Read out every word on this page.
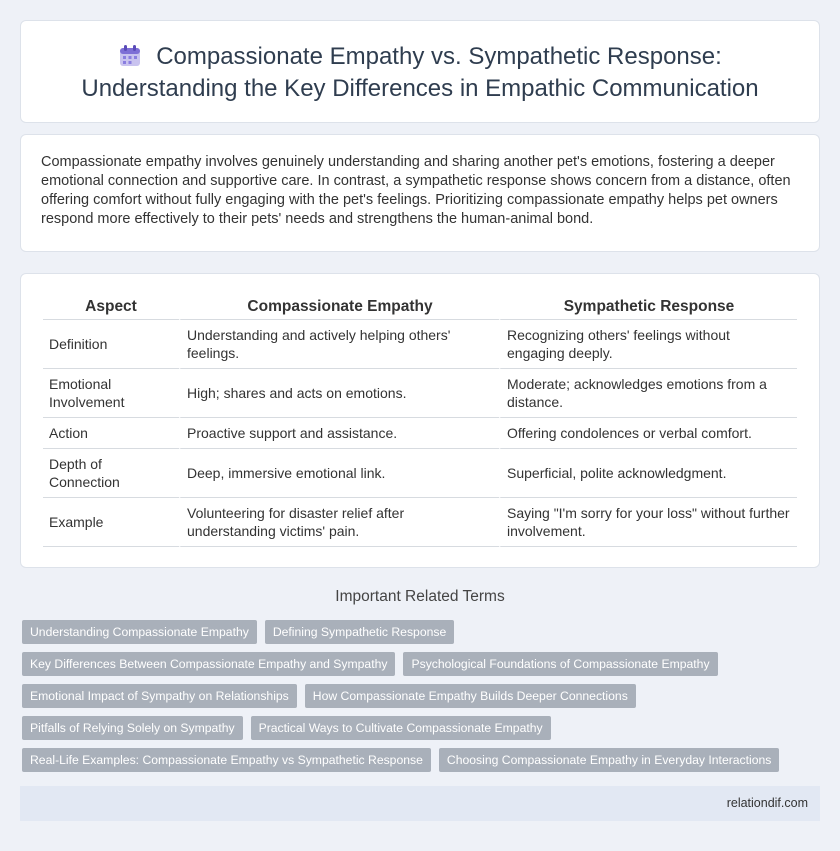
Compassionate Empathy vs. Sympathetic Response:
Understanding the Key Differences in Empathic Communication

Compassionate empathy involves genuinely understanding and sharing another pet's emotions, fostering a deeper emotional connection and supportive care. In contrast, a sympathetic response shows concern from a distance, often offering comfort without fully engaging with the pet's feelings. Prioritizing compassionate empathy helps pet owners respond more effectively to their pets' needs and strengthens the human-animal bond.

Aspect	Compassionate Empathy	Sympathetic Response
Definition	Understanding and actively helping others' feelings.	Recognizing others' feelings without engaging deeply.
Emotional Involvement	High; shares and acts on emotions.	Moderate; acknowledges emotions from a distance.
Action	Proactive support and assistance.	Offering condolences or verbal comfort.
Depth of Connection	Deep, immersive emotional link.	Superficial, polite acknowledgment.
Example	Volunteering for disaster relief after understanding victims' pain.	Saying "I'm sorry for your loss" without further involvement.
Important Related Terms
Understanding Compassionate Empathy	Defining Sympathetic Response
Key Differences Between Compassionate Empathy and Sympathy	Psychological Foundations of Compassionate Empathy
Emotional Impact of Sympathy on Relationships	How Compassionate Empathy Builds Deeper Connections
Pitfalls of Relying Solely on Sympathy	Practical Ways to Cultivate Compassionate Empathy
Real-Life Examples: Compassionate Empathy vs Sympathetic Response	Choosing Compassionate Empathy in Everyday Interactions
relationdif.com
